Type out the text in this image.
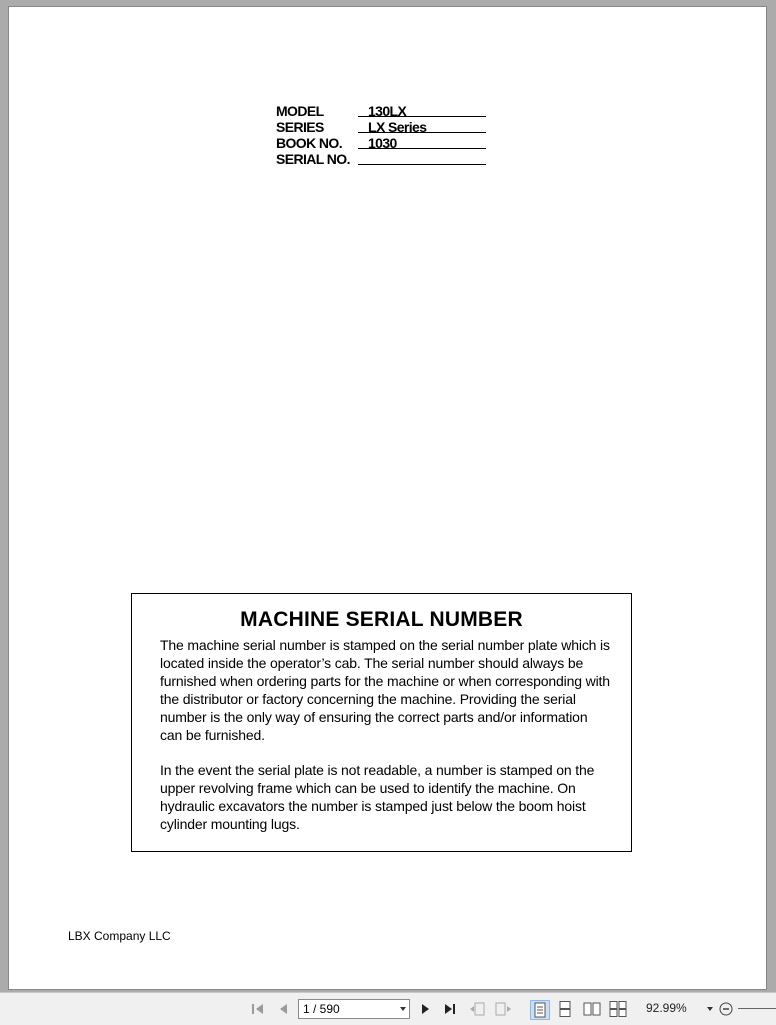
MODEL	130LX
SERIES	LX Series
BOOK NO. 1030
SERIAL NO.
MACHINE SERIAL NUMBER
The machine serial number is stamped on the serial number plate which is located inside the operator’s cab. The serial number should always be furnished when ordering parts for the machine or when corresponding with the distributor or factory concerning the machine. Providing the serial number is the only way of ensuring the correct parts and/or information can be furnished.
In the event the serial plate is not readable, a number is stamped on the upper revolving frame which can be used to identify the machine. On hydraulic excavators the number is stamped just below the boom hoist cylinder mounting lugs.
LBX Company LLC
1 / 590	92.99%
